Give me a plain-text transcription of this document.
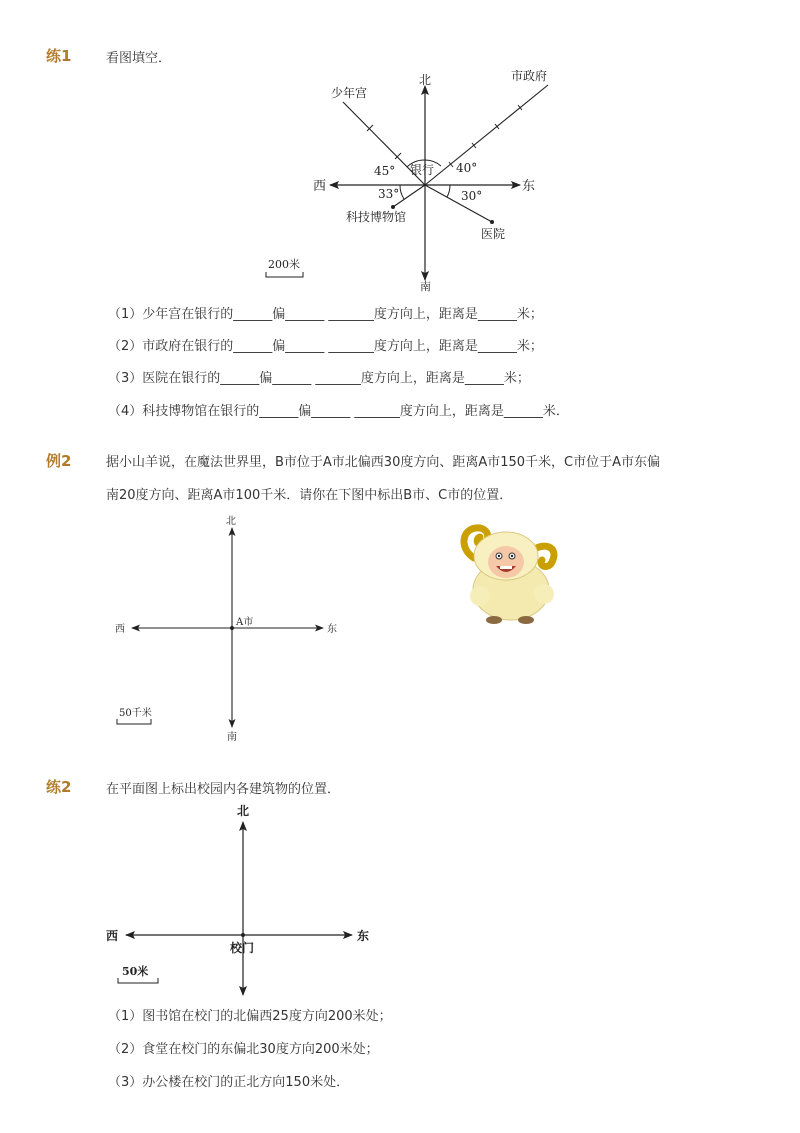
练1	看图填空．
北
南
东
西
少年宫
市政府
银行
科技博物馆
医院
45°	40°
33°	30°
200米
（1）少年宫在银行的______偏______ _______度方向上，距离是______米；
（2）市政府在银行的______偏______ _______度方向上，距离是______米；
（3）医院在银行的______偏______ _______度方向上，距离是______米；
（4）科技博物馆在银行的______偏______ _______度方向上，距离是______米．
例2	据小山羊说，在魔法世界里，B市位于A市北偏西30度方向、距离A市150千米，C市位于A市东偏
南20度方向、距离A市100千米．请你在下图中标出B市、C市的位置．
北
南
东
西
A市
50千米
练2	在平面图上标出校园内各建筑物的位置．
北
东
西
校门
50米
（1）图书馆在校门的北偏西25度方向200米处；
（2）食堂在校门的东偏北30度方向200米处；
（3）办公楼在校门的正北方向150米处．
